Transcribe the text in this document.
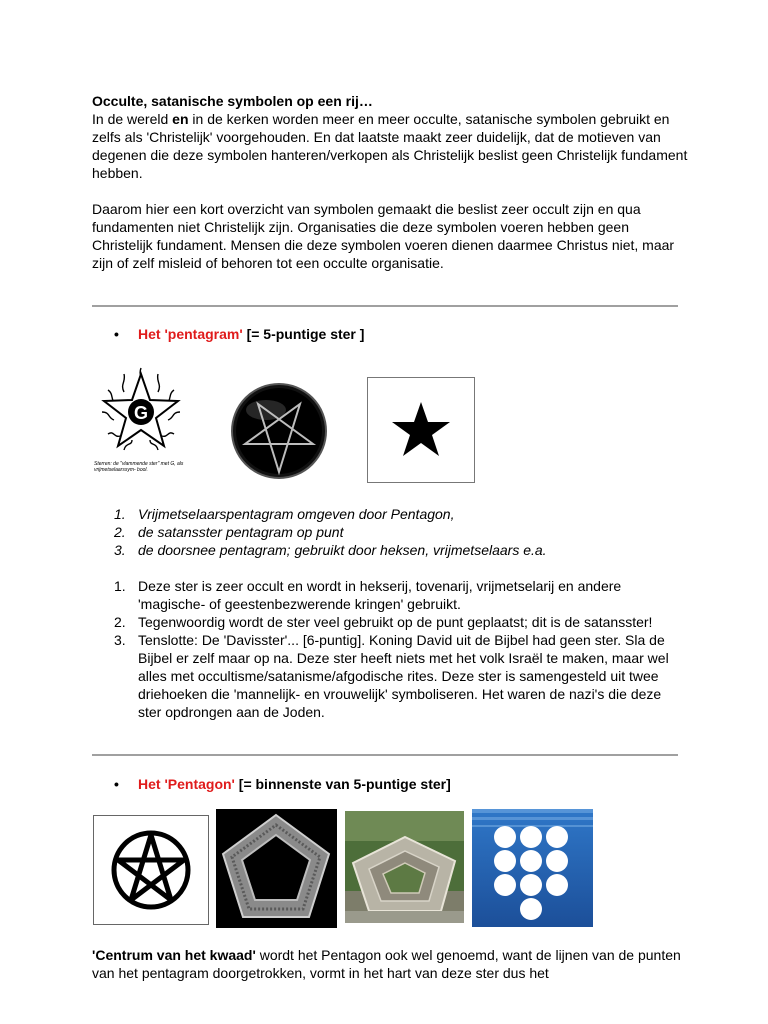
Occulte, satanische symbolen op een rij…

In de wereld en in de kerken worden meer en meer occulte, satanische symbolen gebruikt en zelfs als 'Christelijk' voorgehouden. En dat laatste maakt zeer duidelijk, dat de motieven van degenen die deze symbolen hanteren/verkopen als Christelijk beslist geen Christelijk fundament hebben.

Daarom hier een kort overzicht van symbolen gemaakt die beslist zeer occult zijn en qua fundamenten niet Christelijk zijn. Organisaties die deze symbolen voeren hebben geen Christelijk fundament. Mensen die deze symbolen voeren dienen daarmee Christus niet, maar zijn of zelf misleid of behoren tot een occulte organisatie.

• Het 'pentagram' [= 5-puntige ster ]
G
Sterren: de "vlammende ster" met G, als vrijmetselaarssym- bool.
1. Vrijmetselaarspentagram omgeven door Pentagon,
2. de satansster pentagram op punt
3. de doorsnee pentagram; gebruikt door heksen, vrijmetselaars e.a.
1. Deze ster is zeer occult en wordt in hekserij, tovenarij, vrijmetselarij en andere 'magische- of geestenbezwerende kringen' gebruikt.
2. Tegenwoordig wordt de ster veel gebruikt op de punt geplaatst; dit is de satansster!
3. Tenslotte: De 'Davisster'... [6-puntig]. Koning David uit de Bijbel had geen ster. Sla de Bijbel er zelf maar op na. Deze ster heeft niets met het volk Israël te maken, maar wel alles met occultisme/satanisme/afgodische rites. Deze ster is samengesteld uit twee driehoeken die 'mannelijk- en vrouwelijk' symboliseren. Het waren de nazi's die deze ster opdrongen aan de Joden.
• Het 'Pentagon' [= binnenste van 5-puntige ster]

'Centrum van het kwaad' wordt het Pentagon ook wel genoemd, want de lijnen van de punten van het pentagram doorgetrokken, vormt in het hart van deze ster dus het
